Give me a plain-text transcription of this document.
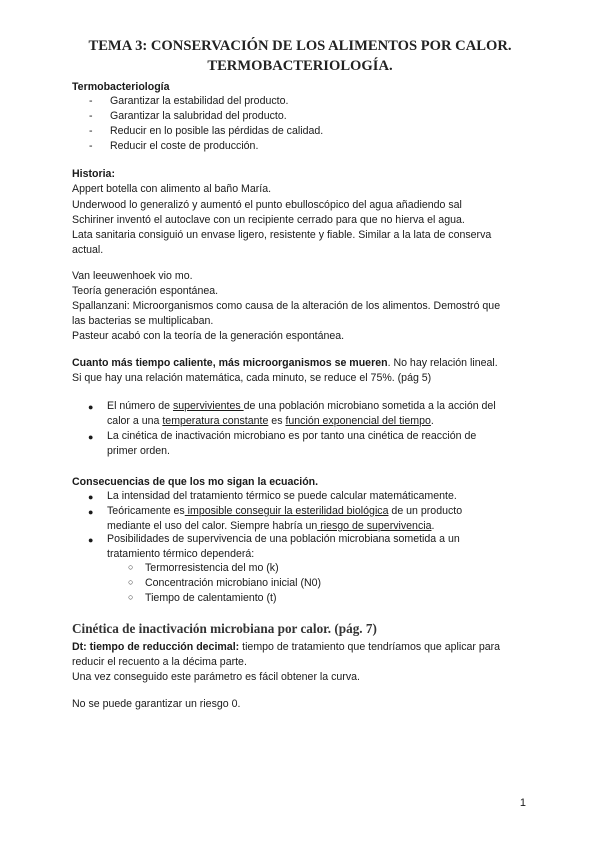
TEMA 3: CONSERVACIÓN DE LOS ALIMENTOS POR CALOR.
TERMOBACTERIOLOGÍA.
Termobacteriología
- Garantizar la estabilidad del producto.
- Garantizar la salubridad del producto.
- Reducir en lo posible las pérdidas de calidad.
- Reducir el coste de producción.
Historia:
Appert botella con alimento al baño María.
Underwood lo generalizó y aumentó el punto ebulloscópico del agua añadiendo sal
Schiriner inventó el autoclave con un recipiente cerrado para que no hierva el agua.
Lata sanitaria consiguió un envase ligero, resistente y fiable. Similar a la lata de conserva
actual.
Van leeuwenhoek vio mo.
Teoría generación espontánea.
Spallanzani: Microorganismos como causa de la alteración de los alimentos. Demostró que
las bacterias se multiplicaban.
Pasteur acabó con la teoría de la generación espontánea.
Cuanto más tiempo caliente, más microorganismos se mueren. No hay relación lineal.
Si que hay una relación matemática, cada minuto, se reduce el 75%. (pág 5)
● El número de supervivientes de una población microbiano sometida a la acción del
calor a una temperatura constante es función exponencial del tiempo.
● La cinética de inactivación microbiano es por tanto una cinética de reacción de
primer orden.
Consecuencias de que los mo sigan la ecuación.
● La intensidad del tratamiento térmico se puede calcular matemáticamente.
● Teóricamente es imposible conseguir la esterilidad biológica de un producto
mediante el uso del calor. Siempre habría un riesgo de supervivencia.
● Posibilidades de supervivencia de una población microbiana sometida a un
tratamiento térmico dependerá:
○ Termorresistencia del mo (k)
○ Concentración microbiano inicial (N0)
○ Tiempo de calentamiento (t)
Cinética de inactivación microbiana por calor. (pág. 7)
Dt: tiempo de reducción decimal: tiempo de tratamiento que tendríamos que aplicar para
reducir el recuento a la décima parte.
Una vez conseguido este parámetro es fácil obtener la curva.
No se puede garantizar un riesgo 0.
1
